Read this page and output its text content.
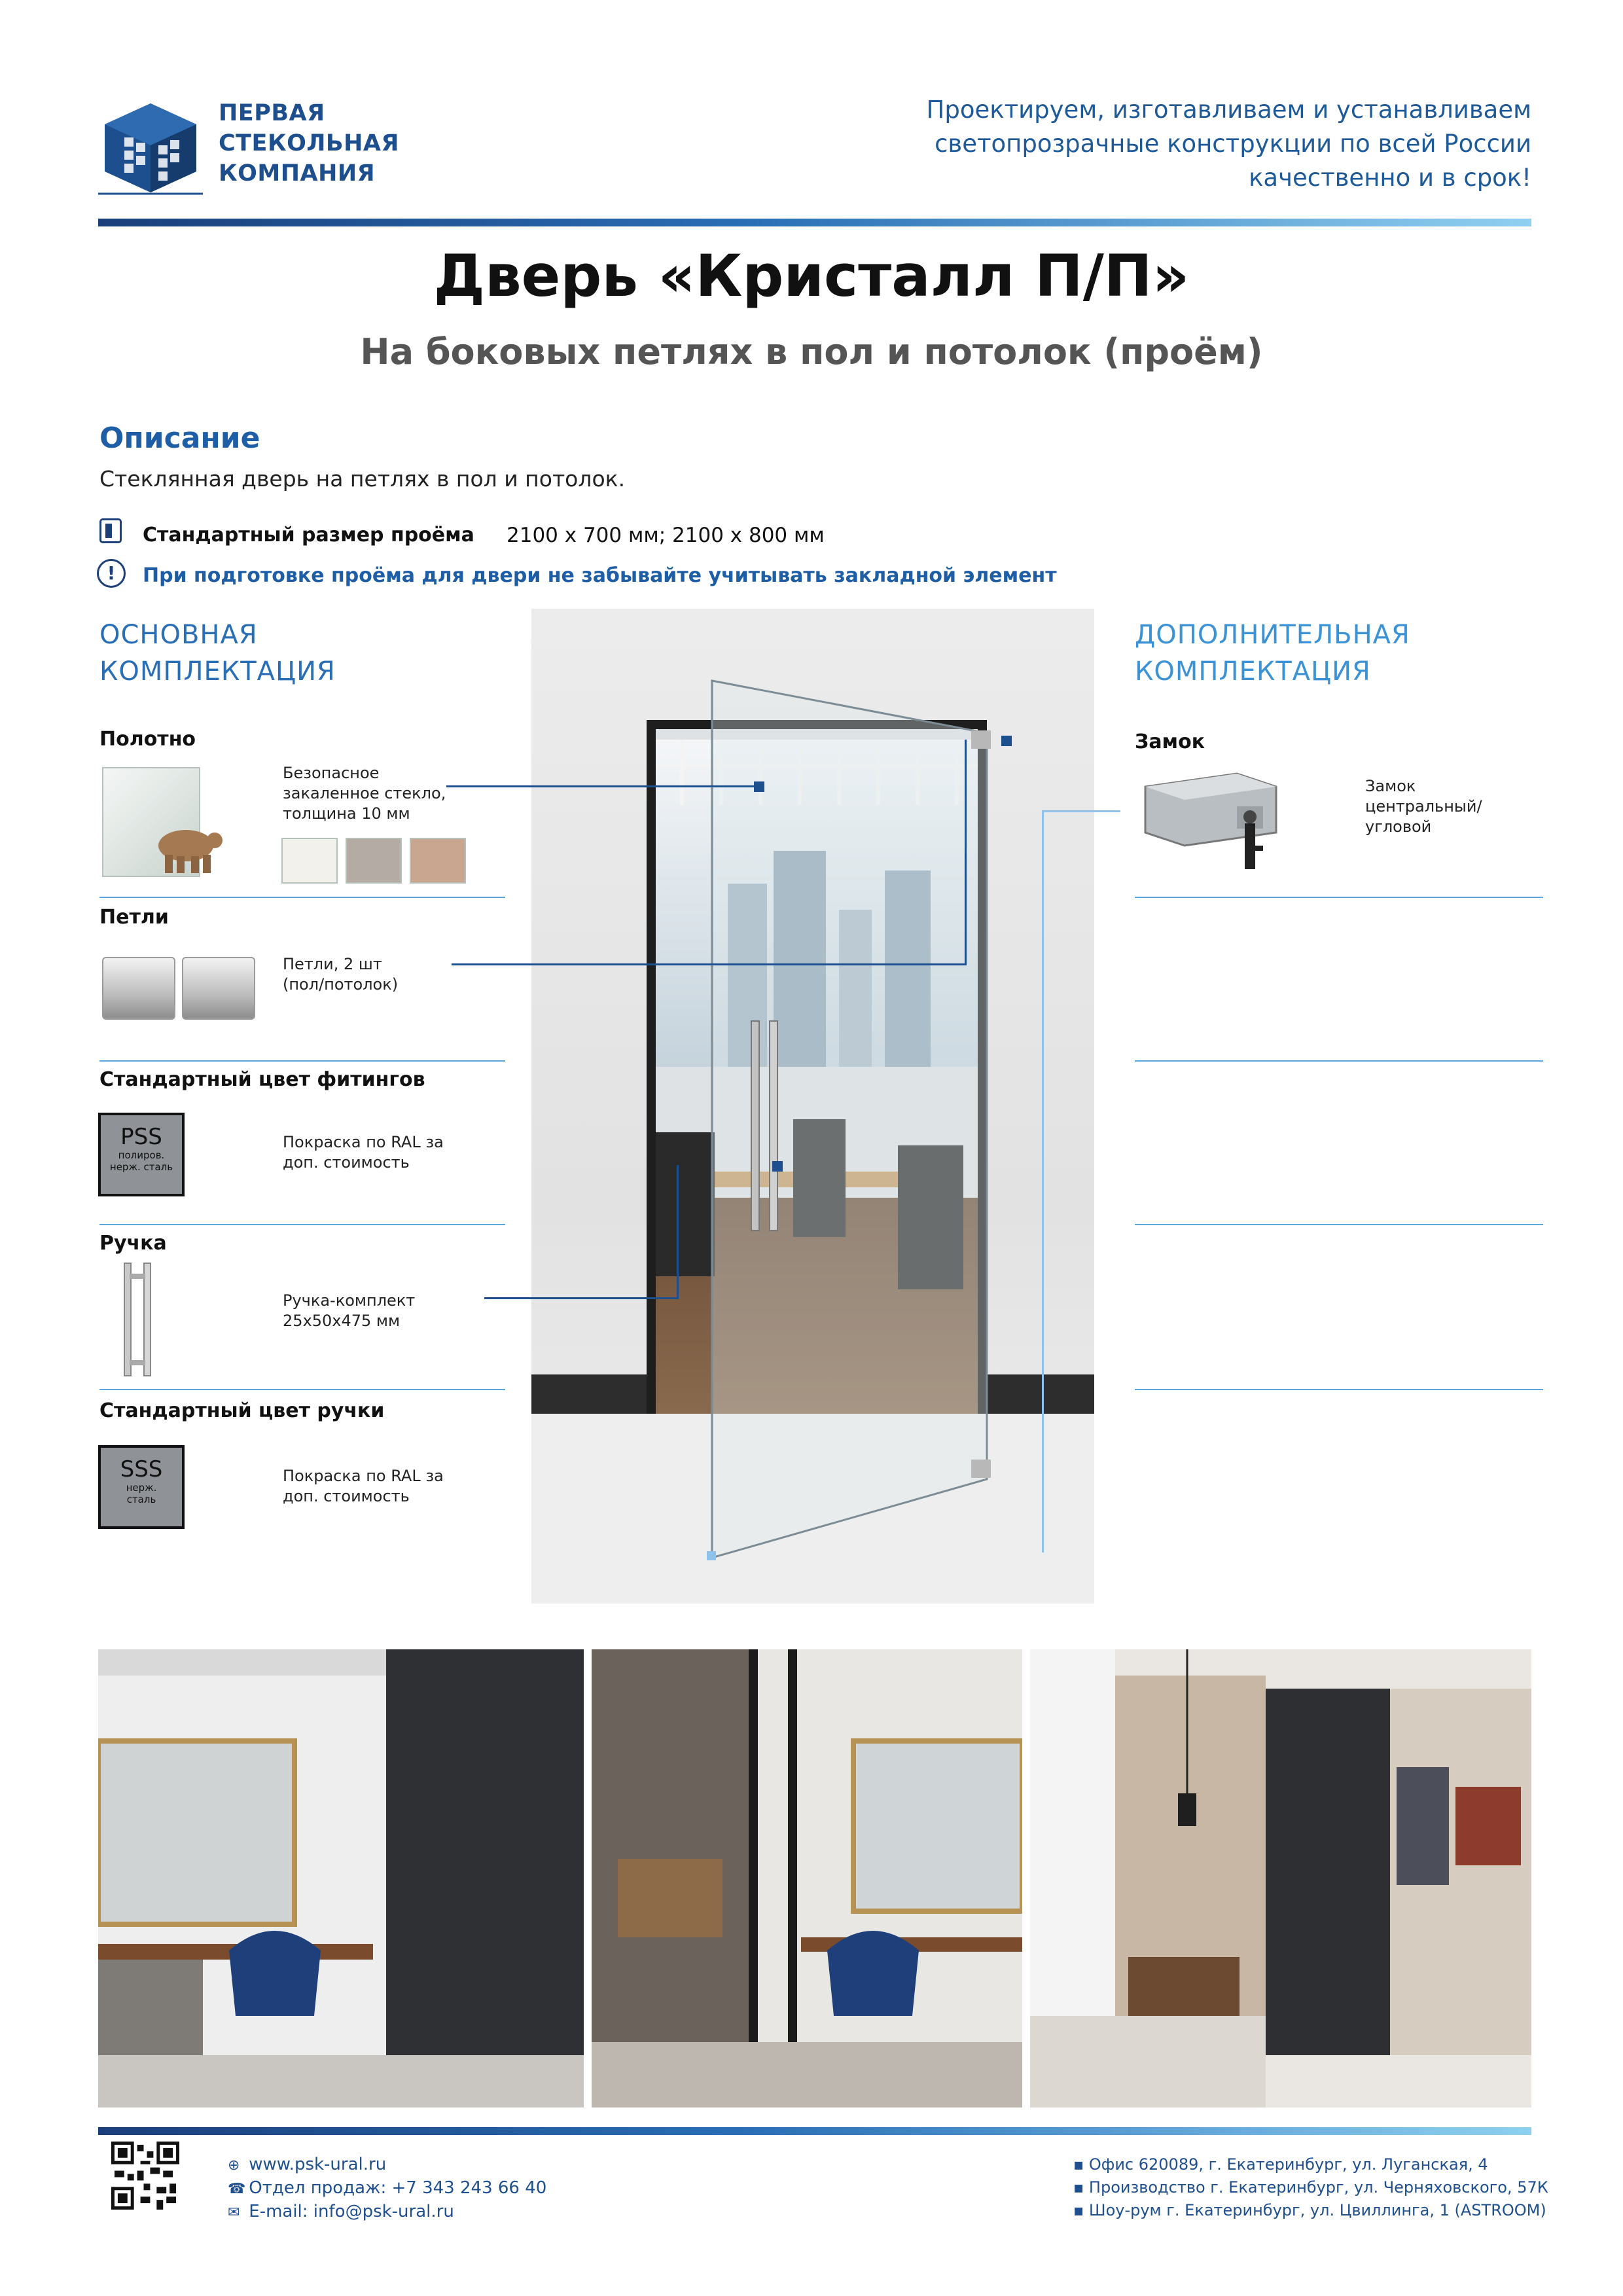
ПЕРВАЯ
СТЕКОЛЬНАЯ
КОМПАНИЯ
Проектируем, изготавливаем и устанавливаем
светопрозрачные конструкции по всей России
качественно и в срок!
Дверь «Кристалл П/П»
На боковых петлях в пол и потолок (проём)
Описание
Стеклянная дверь на петлях в пол и потолок.
Стандартный размер проёма 2100 х 700 мм; 2100 х 800 мм
!	При подготовке проёма для двери не забывайте учитывать закладной элемент
ОСНОВНАЯ
КОМПЛЕКТАЦИЯ
Полотно
Безопасное
закаленное стекло,
толщина 10 мм
Петли
Петли, 2 шт
(пол/потолок)
Стандартный цвет фитингов
PSS
полиров.
нерж. сталь
Покраска по RAL за
доп. стоимость
Ручка
Ручка-комплект
25х50х475 мм
Стандартный цвет ручки
SSS
нерж.
сталь
Покраска по RAL за
доп. стоимость
ДОПОЛНИТЕЛЬНАЯ
КОМПЛЕКТАЦИЯ
Замок
Замок
центральный/
угловой
⊕ www.psk-ural.ru
☎ Отдел продаж: +7 343 243 66 40
✉ E-mail: info@psk-ural.ru
▪ Офис 620089, г. Екатеринбург, ул. Луганская, 4
▪ Производство г. Екатеринбург, ул. Черняховского, 57К
▪ Шоу-рум г. Екатеринбург, ул. Цвиллинга, 1 (ASTROOM)
